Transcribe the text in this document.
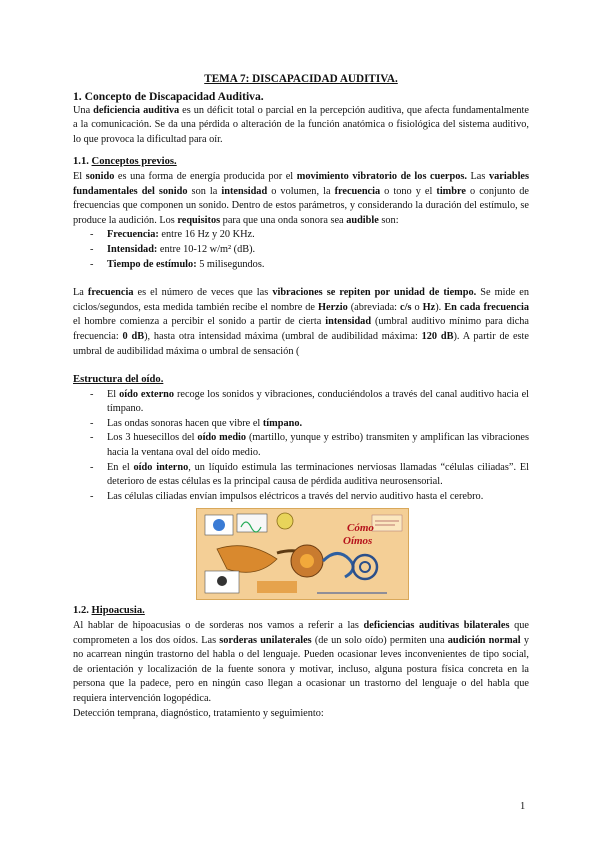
TEMA 7: DISCAPACIDAD AUDITIVA.

1. Concepto de Discapacidad Auditiva.

Una deficiencia auditiva es un déficit total o parcial en la percepción auditiva, que afecta fundamentalmente a la comunicación. Se da una pérdida o alteración de la función anatómica o fisiológica del sistema auditivo, lo que provoca la dificultad para oír.

1.1. Conceptos previos.

El sonido es una forma de energía producida por el movimiento vibratorio de los cuerpos. Las variables fundamentales del sonido son la intensidad o volumen, la frecuencia o tono y el timbre o conjunto de frecuencias que componen un sonido. Dentro de estos parámetros, y considerando la duración del estímulo, se produce la audición. Los requisitos para que una onda sonora sea audible son:

- Frecuencia: entre 16 Hz y 20 KHz.
- Intensidad: entre 10-12 w/m² (dB).
- Tiempo de estímulo: 5 milisegundos.

La frecuencia es el número de veces que las vibraciones se repiten por unidad de tiempo. Se mide en ciclos/segundos, esta medida también recibe el nombre de Herzio (abreviada: c/s o Hz). En cada frecuencia el hombre comienza a percibir el sonido a partir de cierta intensidad (umbral auditivo mínimo para dicha frecuencia: 0 dB), hasta otra intensidad máxima (umbral de audibilidad máxima: 120 dB). A partir de este umbral de audibilidad máxima o umbral de sensación (

Estructura del oído.
- El oído externo recoge los sonidos y vibraciones, conduciéndolos a través del canal auditivo hacia el tímpano.
- Las ondas sonoras hacen que vibre el tímpano.
- Los 3 huesecillos del oído medio (martillo, yunque y estribo) transmiten y amplifican las vibraciones hacia la ventana oval del oído medio.
- En el oído interno, un líquido estimula las terminaciones nerviosas llamadas “células ciliadas”. El deterioro de estas células es la principal causa de pérdida auditiva neurosensorial.
- Las células ciliadas envían impulsos eléctricos a través del nervio auditivo hasta el cerebro.
Cómo
Oímos
1.2. Hipoacusia.

Al hablar de hipoacusias o de sorderas nos vamos a referir a las deficiencias auditivas bilaterales que comprometen a los dos oídos. Las sorderas unilaterales (de un solo oído) permiten una audición normal y no acarrean ningún trastorno del habla o del lenguaje. Pueden ocasionar leves inconvenientes de tipo social, de orientación y localización de la fuente sonora y motivar, incluso, alguna postura física concreta en la persona que la padece, pero en ningún caso llegan a ocasionar un trastorno del lenguaje o del habla que requiera intervención logopédica.

Detección temprana, diagnóstico, tratamiento y seguimiento:

1
